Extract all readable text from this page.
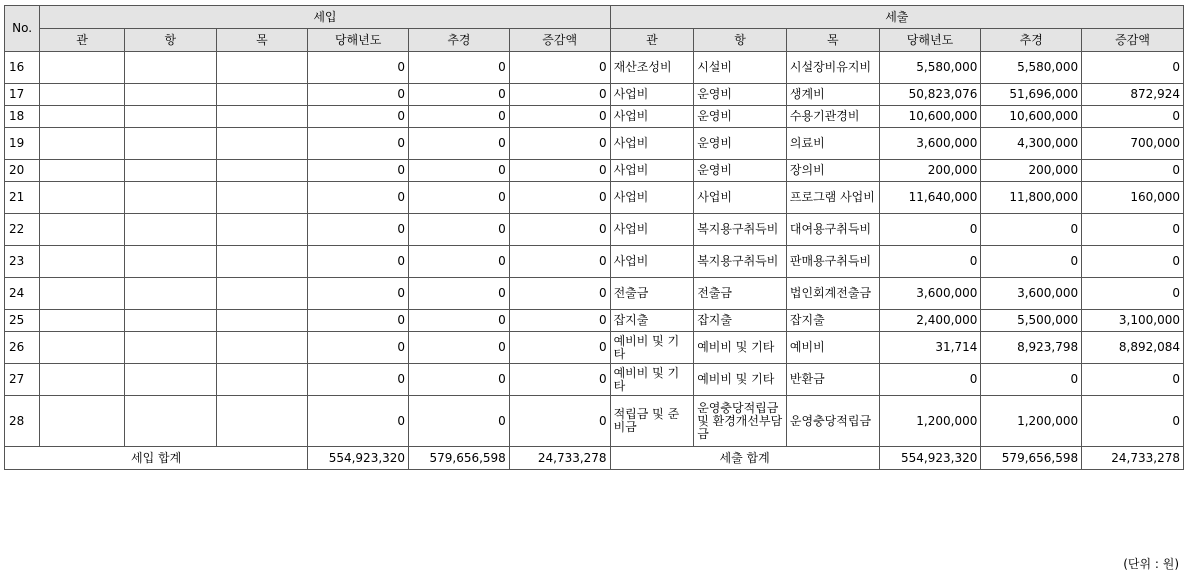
No.	세입						세출					
	관	항	목	당해년도	추경	증감액	관	항	목	당해년도	추경	증감액
16				0	0	0	재산조성비	시설비	시설장비유지비	5,580,000	5,580,000	0
17				0	0	0	사업비	운영비	생계비	50,823,076	51,696,000	872,924
18				0	0	0	사업비	운영비	수용기관경비	10,600,000	10,600,000	0
19				0	0	0	사업비	운영비	의료비	3,600,000	4,300,000	700,000
20				0	0	0	사업비	운영비	장의비	200,000	200,000	0
21				0	0	0	사업비	사업비	프로그램 사업비	11,640,000	11,800,000	160,000
22				0	0	0	사업비	복지용구취득비	대여용구취득비	0	0	0
23				0	0	0	사업비	복지용구취득비	판매용구취득비	0	0	0
24				0	0	0	전출금	전출금	법인회계전출금	3,600,000	3,600,000	0
25				0	0	0	잡지출	잡지출	잡지출	2,400,000	5,500,000	3,100,000
26				0	0	0	예비비 및 기타	예비비 및 기타	예비비	31,714	8,923,798	8,892,084
27				0	0	0	예비비 및 기타	예비비 및 기타	반환금	0	0	0
28				0	0	0	적립금 및 준비금	운영충당적립금 및 환경개선부담금	운영충당적립금	1,200,000	1,200,000	0
세입 합계				554,923,320	579,656,598	24,733,278	세출 합계			554,923,320	579,656,598	24,733,278
(단위 : 원)
